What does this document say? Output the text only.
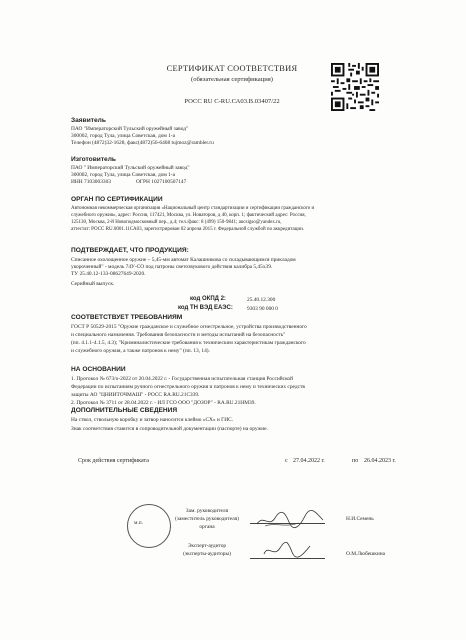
СЕРТИФИКАТ СООТВЕТСТВИЯ
(обязательная сертификация)
РОСС RU C-RU.СА03.В.03407/22
Заявитель
ПАО "Императорский Тульский оружейный завод"
300002, город Тула, улица Советская, дом 1-а
Телефон (4872)32-1628, факс(4872)56-6468 tujmoz@rambler.ru
Изготовитель
ПАО " Императорский Тульский оружейный завод"
300002, город Тула, улица Советская, дом 1-а
ИНН 7103003303	ОГРН 1027100507147
ОРГАН ПО СЕРТИФИКАЦИИ
Автономная некоммерческая организация «Национальный центр стандартизации и сертификации гражданского и
служебного оружия», адрес: Россия, 117421, Москва, ул. Новаторов, д 40, корп. 1; фактический адрес: Россия,
125130, Москва, 2-й Новоподмосковный пер., д.4; тел./факс: 8 (499) 150-9841; ancsigso@yandex.ru,
аттестат: РОСС RU.0001.11СА03, зарегистрирован 02 апреля 2015 г. Федеральной службой по аккредитации.
ПОДТВЕРЖДАЕТ, ЧТО ПРОДУКЦИЯ:
Списанное охолощенное оружие – 5,45-мм автомат Калашникова со складывающимся прикладом
укороченный" - модель 74У-СО под патроны светозвукового действия калибра 5,45х39.
ТУ 25.40.12-133-08627649-2020.
Серийный выпуск.
код ОКПД 2:	25.40.12.300
код ТН ВЭД ЕАЭС:	9303 90 000 0
СООТВЕТСТВУЕТ ТРЕБОВАНИЯМ
ГОСТ Р 50529-2015 "Оружие гражданское и служебное огнестрельное, устройства производственного
и специального назначения. Требования безопасности и методы испытаний на безопасность"
(пп. 4.1.1-4.1.5, 4.3); "Криминалистические требования к техническим характеристикам гражданского
и служебного оружия, а также патронов к нему" (пп. 13, 14).
НА ОСНОВАНИИ
1. Протокол № 673/о-2022 от 20.04.2022 г. - Государственная испытательная станция Российской
Федерации по испытаниям ручного огнестрельного оружия и патронов к нему и технических средств
защиты АО "ЦНИИТОЧМАШ" - РОСС RA.RU.21СЗ39.
2. Протокол № 3711 от 28.04.2022 г. - ИЛ ГСО ООО "ДОЗОР" - RA.RU.21НМ39.
ДОПОЛНИТЕЛЬНЫЕ СВЕДЕНИЯ
На ствол, ствольную коробку и затвор наносится клеймо «СХ» и ГИС.
Знак соответствия ставится в сопроводительной документации (паспорте) на оружие.
Срок действия сертификата	с 27.04.2022 г.	по 26.04.2023 г.
м.п.
Зам. руководителя
(заместитель руководителя)
органа
Н.И.Семень
Эксперт-аудитор
(эксперты-аудиторы)	О.М.Любешкина
